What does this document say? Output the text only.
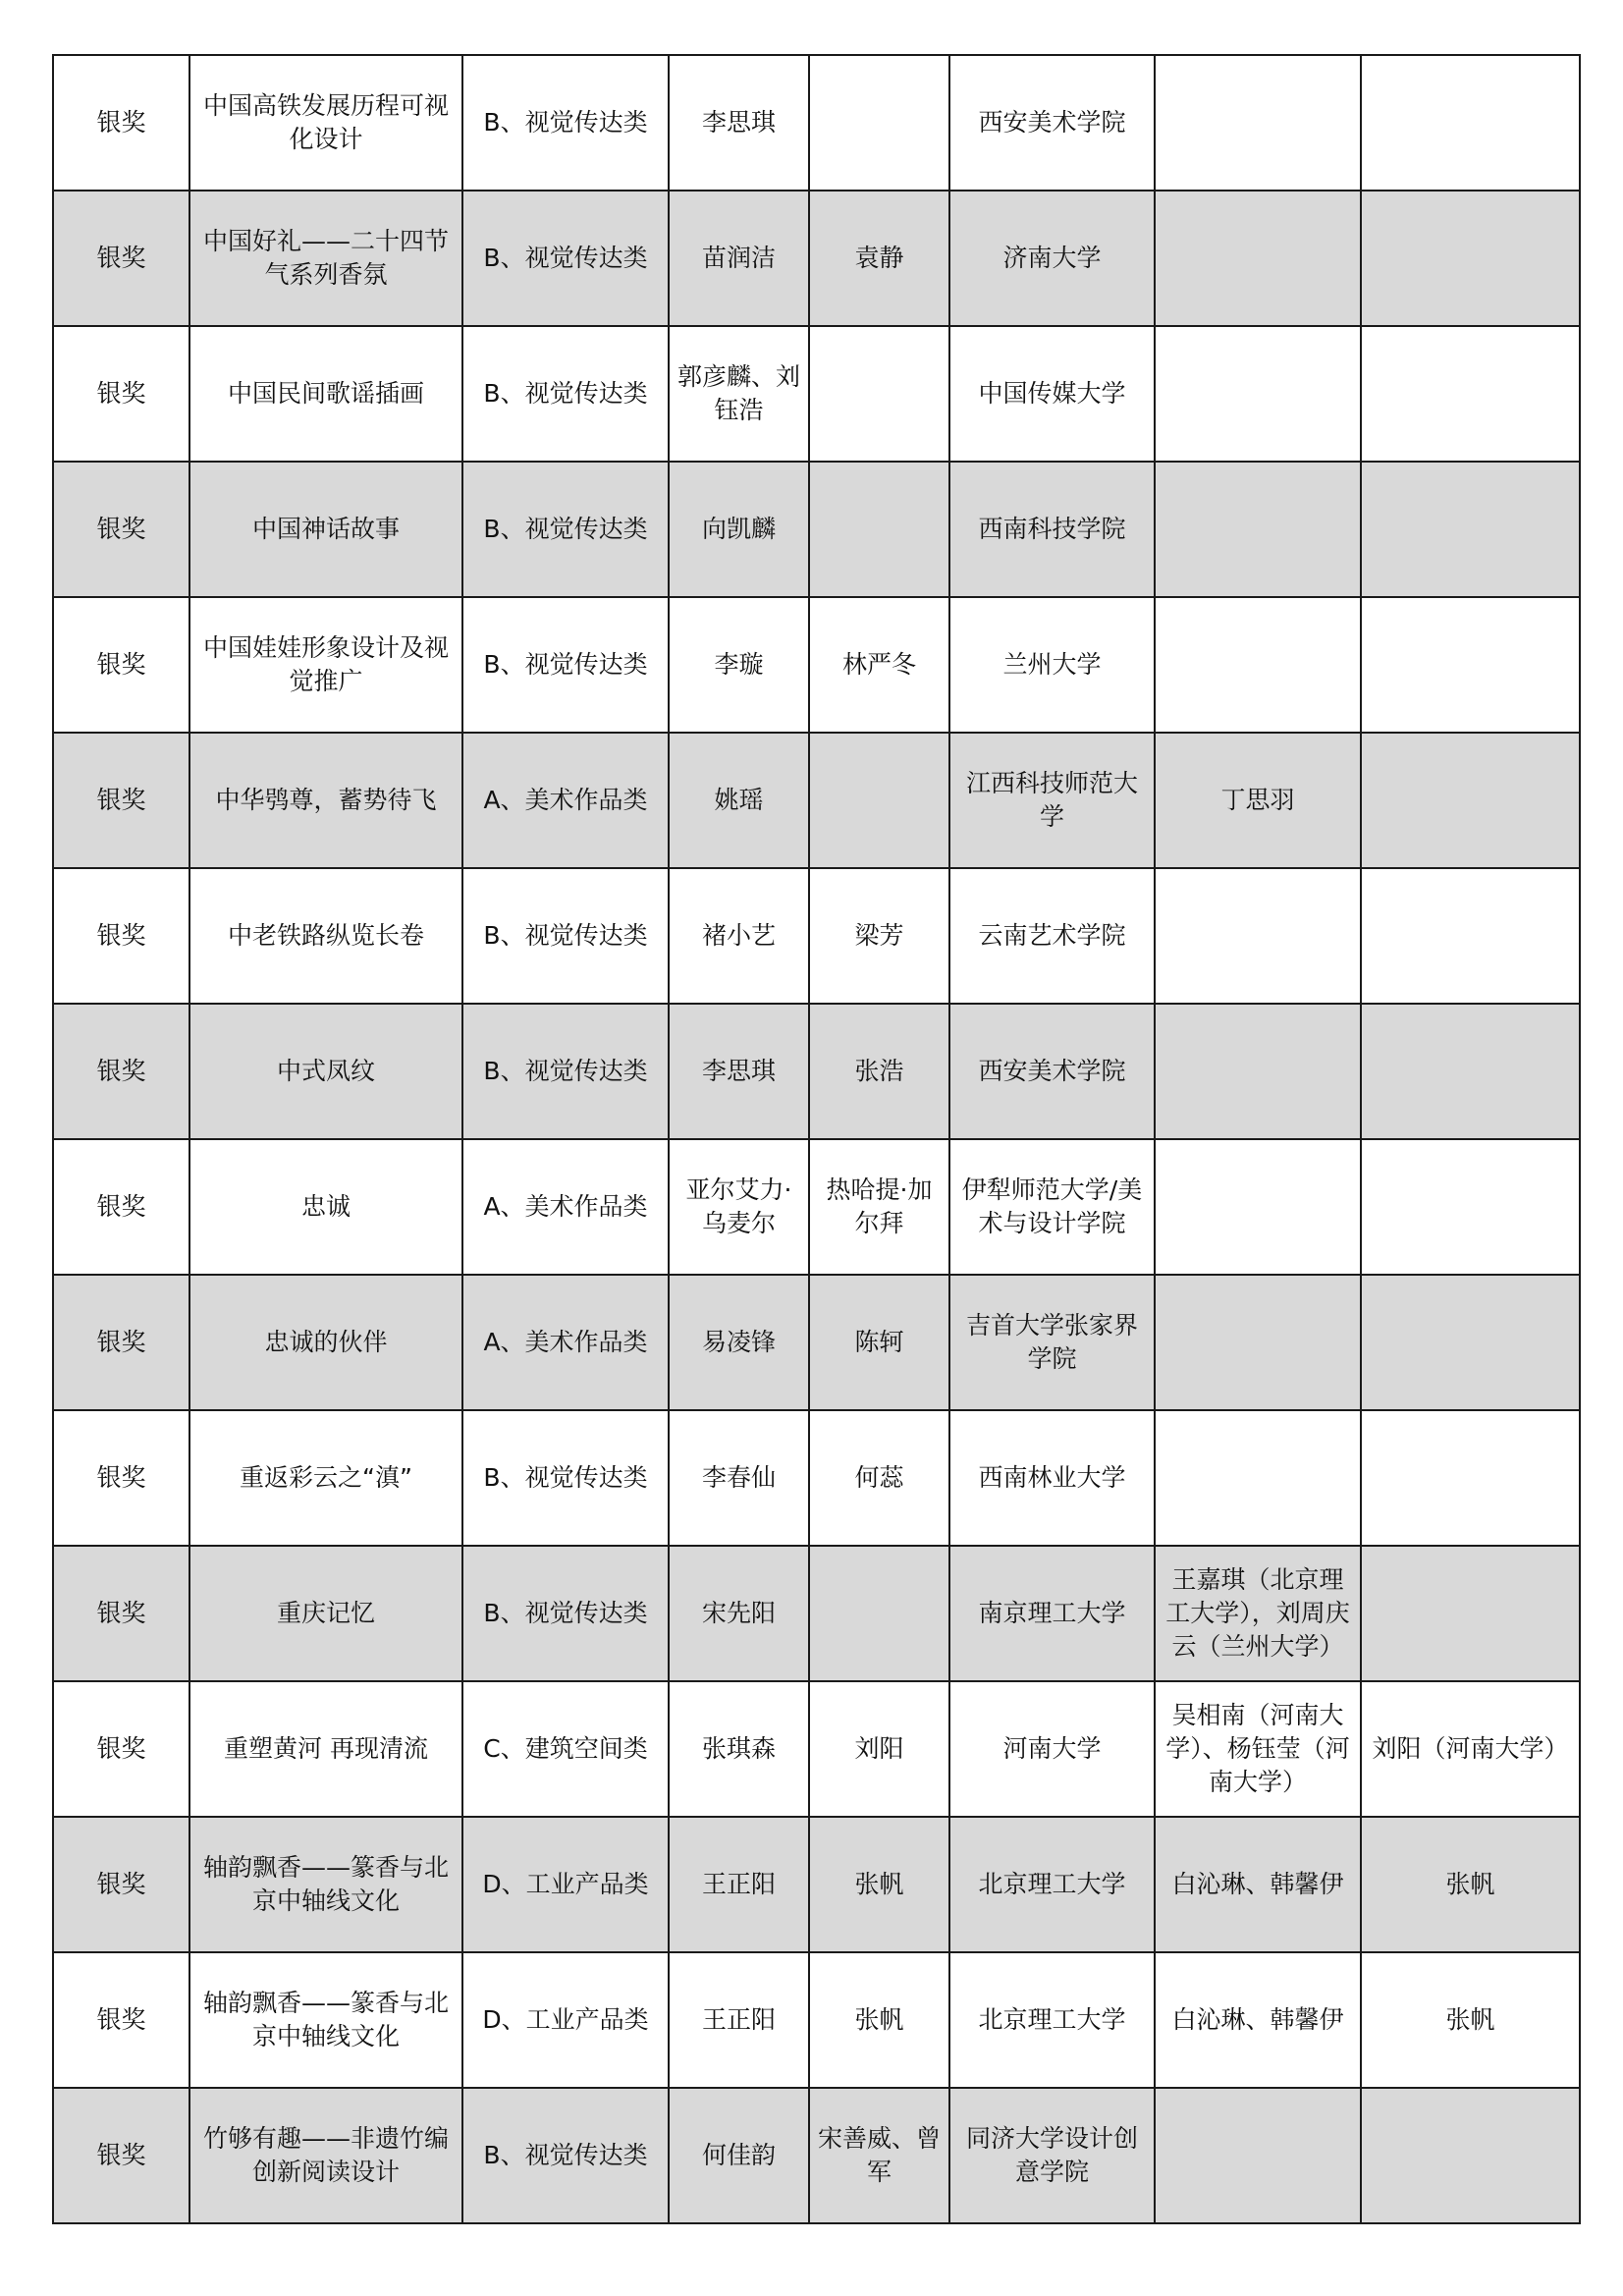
银奖	中国高铁发展历程可视化设计	B、视觉传达类	李思琪		西安美术学院		
银奖	中国好礼——二十四节气系列香氛	B、视觉传达类	苗润洁	袁静	济南大学		
银奖	中国民间歌谣插画	B、视觉传达类	郭彦麟、刘钰浩		中国传媒大学		
银奖	中国神话故事	B、视觉传达类	向凯麟		西南科技学院		
银奖	中国娃娃形象设计及视觉推广	B、视觉传达类	李璇	林严冬	兰州大学		
银奖	中华鸮尊，蓄势待飞	A、美术作品类	姚瑶		江西科技师范大学	丁思羽	
银奖	中老铁路纵览长卷	B、视觉传达类	褚小艺	梁芳	云南艺术学院		
银奖	中式凤纹	B、视觉传达类	李思琪	张浩	西安美术学院		
银奖	忠诚	A、美术作品类	亚尔艾力·乌麦尔	热哈提·加尔拜	伊犁师范大学/美术与设计学院		
银奖	忠诚的伙伴	A、美术作品类	易凌锋	陈轲	吉首大学张家界学院		
银奖	重返彩云之“滇”	B、视觉传达类	李春仙	何蕊	西南林业大学		
银奖	重庆记忆	B、视觉传达类	宋先阳		南京理工大学	王嘉琪（北京理工大学），刘周庆云（兰州大学）	
银奖	重塑黄河 再现清流	C、建筑空间类	张琪森	刘阳	河南大学	吴相南（河南大学）、杨钰莹（河南大学）	刘阳（河南大学）
银奖	轴韵飘香——篆香与北京中轴线文化	D、工业产品类	王正阳	张帆	北京理工大学	白沁琳、韩馨伊	张帆
银奖	轴韵飘香——篆香与北京中轴线文化	D、工业产品类	王正阳	张帆	北京理工大学	白沁琳、韩馨伊	张帆
银奖	竹够有趣——非遗竹编创新阅读设计	B、视觉传达类	何佳韵	宋善威、曾军	同济大学设计创意学院		
